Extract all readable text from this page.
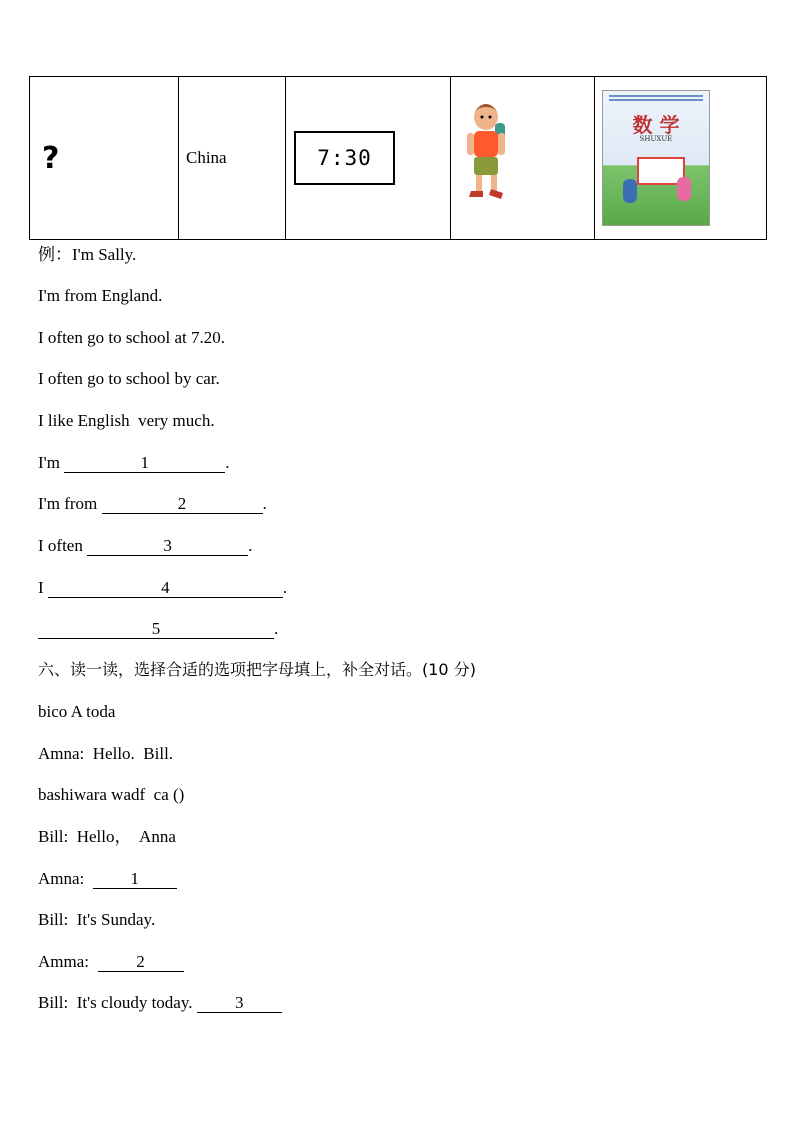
?	China	7:30

数 学
SHUXUE
例：I'm Sally.
I'm from England.
I often go to school at 7.20.
I often go to school by car.
I like English  very much.
I'm	1	.
I'm from	2	.
I often	3	.
I	4	.
5	.
六、读一读，选择合适的选项把字母填上，补全对话。(10 分)
bico A toda
Amna:  Hello.  Bill.
bashiwara wadf  ca ()
Bill:  Hello，  Anna
Amna:  1
Bill:  It's Sunday.
Amma:  2
Bill:  It's cloudy today. 3
